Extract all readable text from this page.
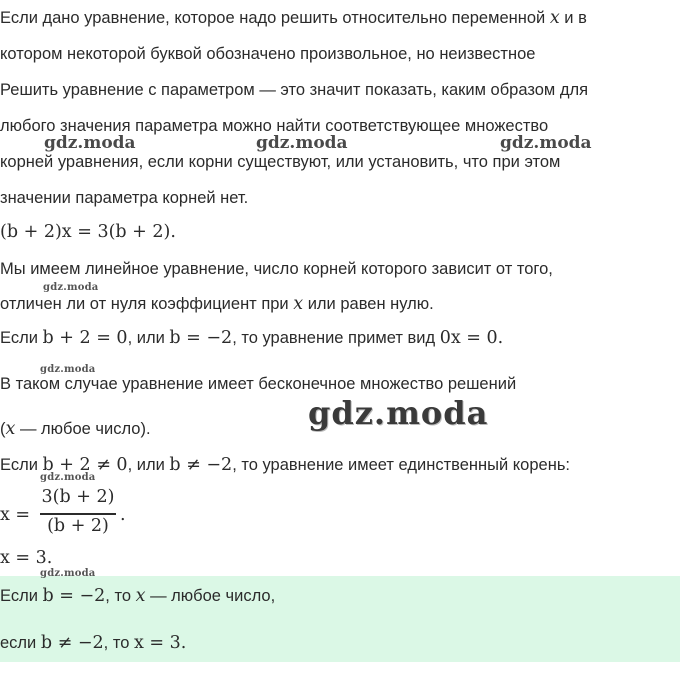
Если дано уравнение, которое надо решить относительно переменной x и в
котором некоторой буквой обозначено произвольное, но неизвестное
Решить уравнение с параметром — это значит показать, каким образом для
любого значения параметра можно найти соответствующее множество
корней уравнения, если корни существуют, или установить, что при этом
значении параметра корней нет.
(b + 2)x = 3(b + 2).
Мы имеем линейное уравнение, число корней которого зависит от того,
отличен ли от нуля коэффициент при x или равен нулю.
Если b + 2 = 0, или b = −2, то уравнение примет вид 0x = 0.
В таком случае уравнение имеет бесконечное множество решений
(x — любое число).
Если b + 2 ≠ 0, или b ≠ −2, то уравнение имеет единственный корень:
x =
3(b + 2)
(b + 2)
.
x = 3.
Если b = −2, то x — любое число,
если b ≠ −2, то x = 3.
gdz.moda	gdz.moda	gdz.moda
gdz.moda
gdz.moda
gdz.moda
gdz.moda
gdz.moda
